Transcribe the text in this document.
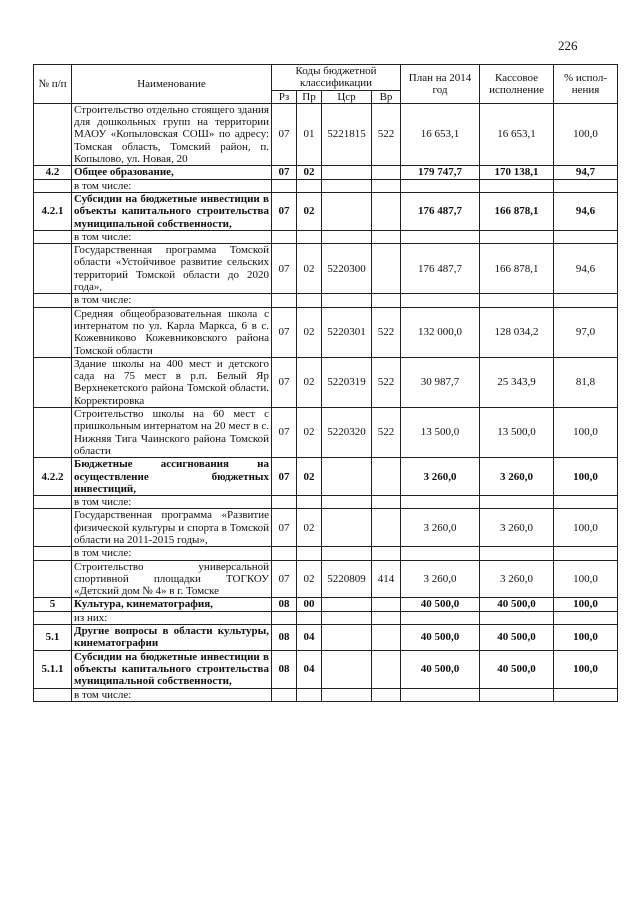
226
№ п/п	Наименование	Коды бюджетной классификации				План на 2014 год	Кассовое исполнение	% испол- нения
		Рз	Пр	Цср	Вр			
	Строительство отдельно стоящего здания для дошкольных групп на территории МАОУ «Копыловская СОШ» по адресу: Томская область, Томский район, п. Копылово, ул. Новая, 20	07	01	5221815	522	16 653,1	16 653,1	100,0
4.2	Общее образование,	07	02			179 747,7	170 138,1	94,7
	в том числе:							
4.2.1	Субсидии на бюджетные инвестиции в объекты капитального строительства муниципальной собственности,	07	02			176 487,7	166 878,1	94,6
	в том числе:							
	Государственная программа Томской области «Устойчивое развитие сельских территорий Томской области до 2020 года»,	07	02	5220300		176 487,7	166 878,1	94,6
	в том числе:							
	Средняя общеобразовательная школа с интернатом по ул. Карла Маркса, 6 в с. Кожевниково Кожевниковского района Томской области	07	02	5220301	522	132 000,0	128 034,2	97,0
	Здание школы на 400 мест и детского сада на 75 мест в р.п. Белый Яр Верхнекетского района Томской области. Корректировка	07	02	5220319	522	30 987,7	25 343,9	81,8
	Строительство школы на 60 мест с пришкольным интернатом на 20 мест в с. Нижняя Тига Чаинского района Томской области	07	02	5220320	522	13 500,0	13 500,0	100,0
4.2.2	Бюджетные ассигнования на осуществление бюджетных инвестиций,	07	02			3 260,0	3 260,0	100,0
	в том числе:							
	Государственная программа «Развитие физической культуры и спорта в Томской области на 2011-2015 годы»,	07	02			3 260,0	3 260,0	100,0
	в том числе:							
	Строительство универсальной спортивной площадки ТОГКОУ «Детский дом № 4» в г. Томске	07	02	5220809	414	3 260,0	3 260,0	100,0
5	Культура, кинематография,	08	00			40 500,0	40 500,0	100,0
	из них:							
5.1	Другие вопросы в области культуры, кинематографии	08	04			40 500,0	40 500,0	100,0
5.1.1	Субсидии на бюджетные инвестиции в объекты капитального строительства муниципальной собственности,	08	04			40 500,0	40 500,0	100,0
	в том числе:							
